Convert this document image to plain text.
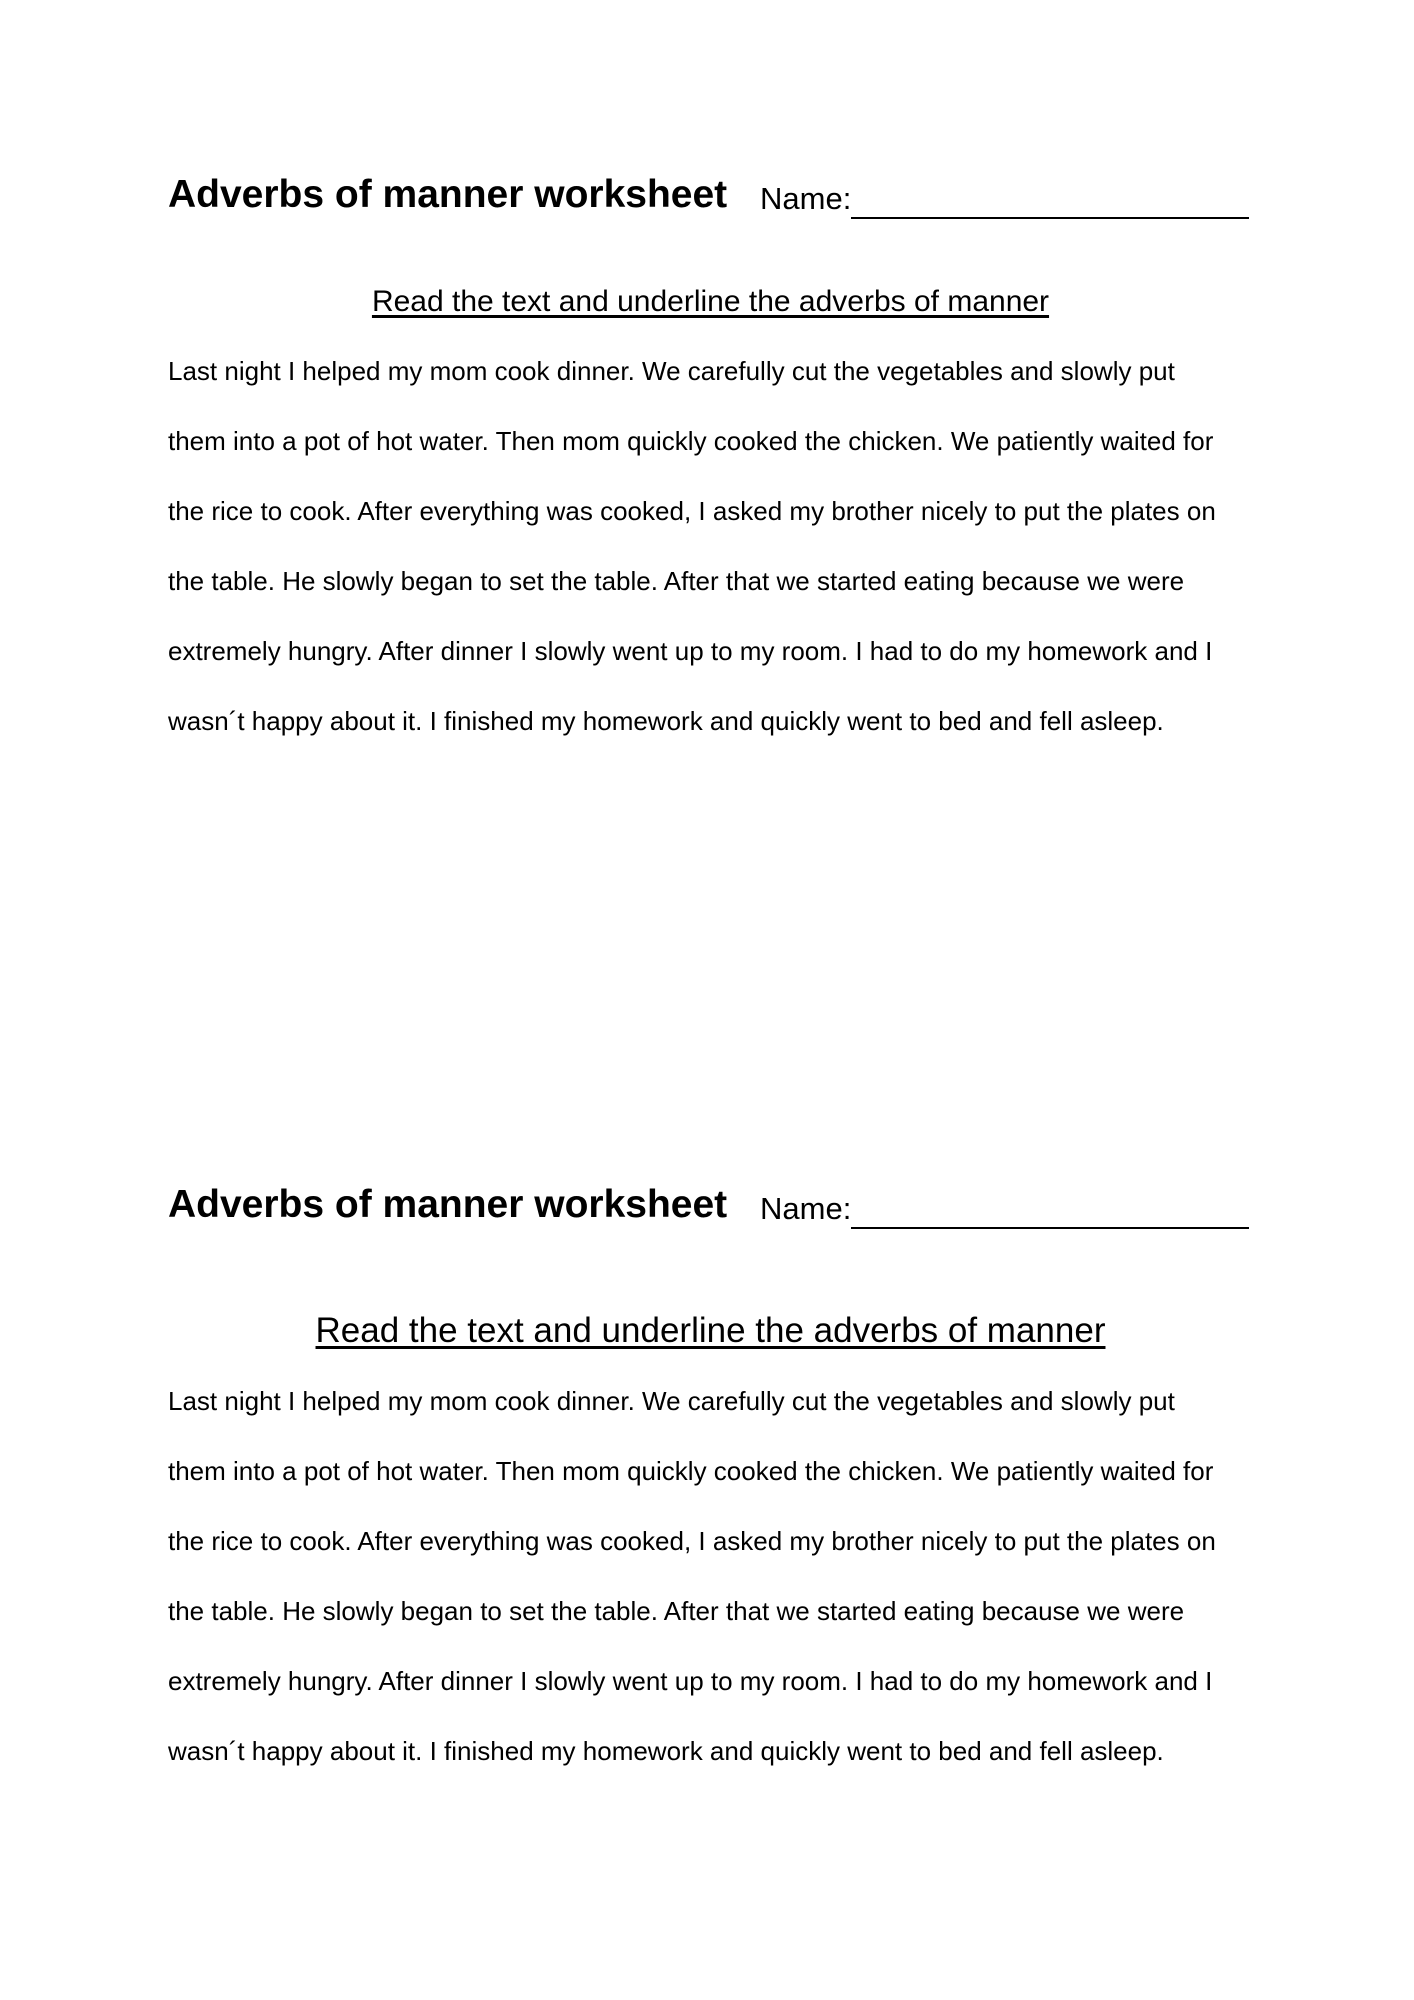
Adverbs of manner worksheet Name:
Read the text and underline the adverbs of manner
Last night I helped my mom cook dinner. We carefully cut the vegetables and slowly put
them into a pot of hot water. Then mom quickly cooked the chicken. We patiently waited for
the rice to cook. After everything was cooked, I asked my brother nicely to put the plates on
the table. He slowly began to set the table. After that we started eating because we were
extremely hungry. After dinner I slowly went up to my room. I had to do my homework and I
wasn´t happy about it. I finished my homework and quickly went to bed and fell asleep.
Adverbs of manner worksheet Name:
Read the text and underline the adverbs of manner
Last night I helped my mom cook dinner. We carefully cut the vegetables and slowly put
them into a pot of hot water. Then mom quickly cooked the chicken. We patiently waited for
the rice to cook. After everything was cooked, I asked my brother nicely to put the plates on
the table. He slowly began to set the table. After that we started eating because we were
extremely hungry. After dinner I slowly went up to my room. I had to do my homework and I
wasn´t happy about it. I finished my homework and quickly went to bed and fell asleep.
